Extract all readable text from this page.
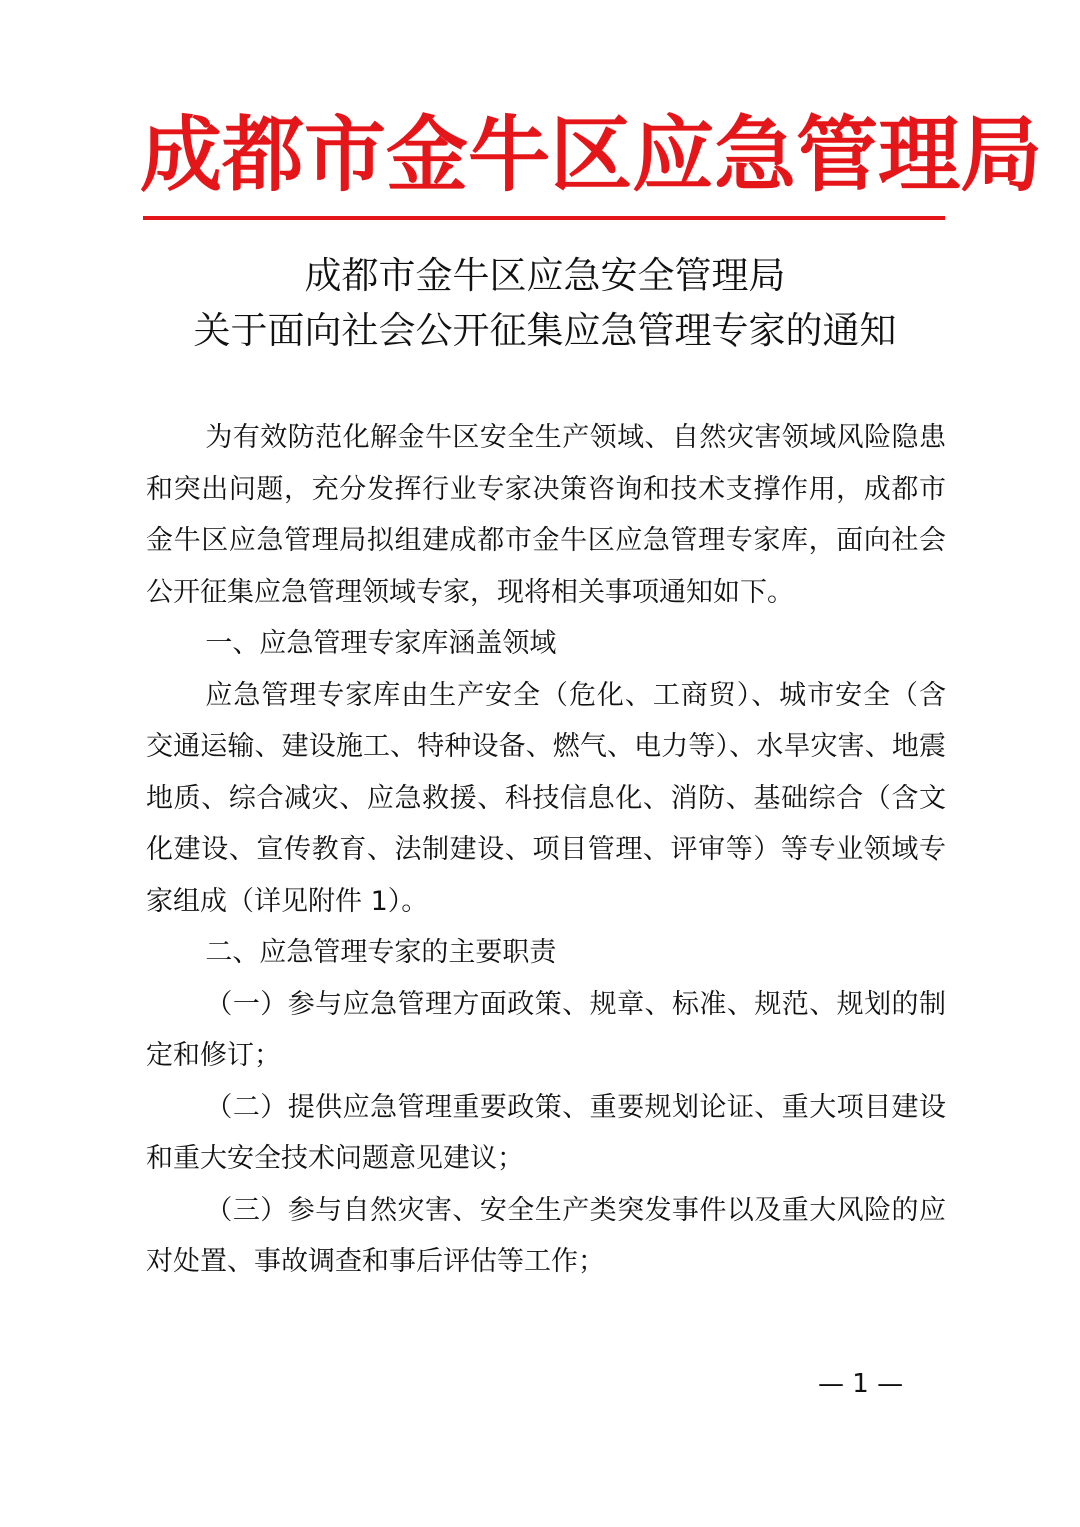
成 都 市 金 牛 区 应 急 管 理 局
成都市金牛区应急安全管理局
关于面向社会公开征集应急管理专家的通知

为有效防范化解金牛区安全生产领域、自然灾害领域风险隐患和突出问题，充分发挥行业专家决策咨询和技术支撑作用，成都市金牛区应急管理局拟组建成都市金牛区应急管理专家库，面向社会公开征集应急管理领域专家，现将相关事项通知如下。

一、应急管理专家库涵盖领域

应急管理专家库由生产安全（危化、工商贸）、城市安全（含交通运输、建设施工、特种设备、燃气、电力等）、水旱灾害、地震地质、综合减灾、应急救援、科技信息化、消防、基础综合（含文化建设、宣传教育、法制建设、项目管理、评审等）等专业领域专家组成（详见附件 1）。

二、应急管理专家的主要职责

（一）参与应急管理方面政策、规章、标准、规范、规划的制定和修订；

（二）提供应急管理重要政策、重要规划论证、重大项目建设和重大安全技术问题意见建议；

（三）参与自然灾害、安全生产类突发事件以及重大风险的应对处置、事故调查和事后评估等工作；

— 1 —
